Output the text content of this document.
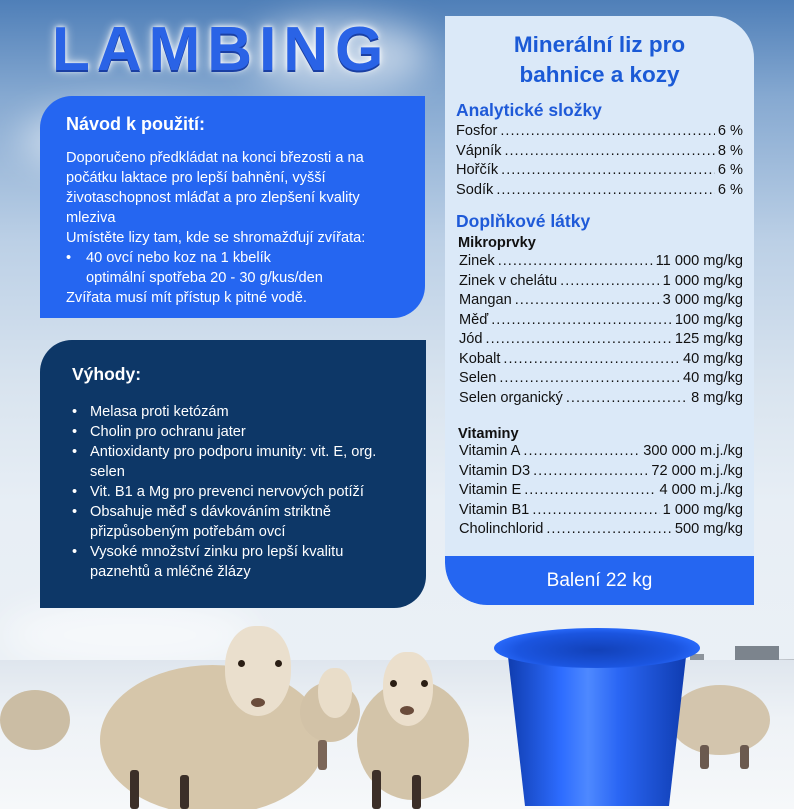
LAMBING
Návod k použití:

Doporučeno předkládat na konci březosti a na počátku laktace pro lepší bahnění, vyšší životaschopnost mláďat a pro zlepšení kvality mleziva

Umístěte lizy tam, kde se shromažďují zvířata:

• 40 ovcí nebo koz na 1 kbelík
optimální spotřeba 20 - 30 g/kus/den

Zvířata musí mít přístup k pitné vodě.

Výhody:
• Melasa proti ketózám
• Cholin pro ochranu jater
• Antioxidanty pro podporu imunity: vit. E, org. selen
• Vit. B1 a Mg pro prevenci nervových potíží
• Obsahuje měď s dávkováním striktně přizpůsobeným potřebám ovcí
• Vysoké množství zinku pro lepší kvalitu paznehtů a mléčné žlázy
Minerální liz pro
bahnice a kozy
Analytické složky
Fosfor .....	6 %
Vápník .....	8 %
Hořčík .....	6 %
Sodík .....	6 %
Doplňkové látky
Mikroprvky
Zinek .....	11 000 mg/kg
Zinek v chelátu .....	1 000 mg/kg
Mangan .....	3 000 mg/kg
Měď .....	100 mg/kg
Jód .....	125 mg/kg
Kobalt .....	40 mg/kg
Selen .....	40 mg/kg
Selen organický .....	8 mg/kg
Vitaminy
Vitamin A .....	300 000 m.j./kg
Vitamin D3 .....	72 000 m.j./kg
Vitamin E .....	4 000 m.j./kg
Vitamin B1 .....	1 000 mg/kg
Cholinchlorid .....	500 mg/kg
Balení 22 kg
